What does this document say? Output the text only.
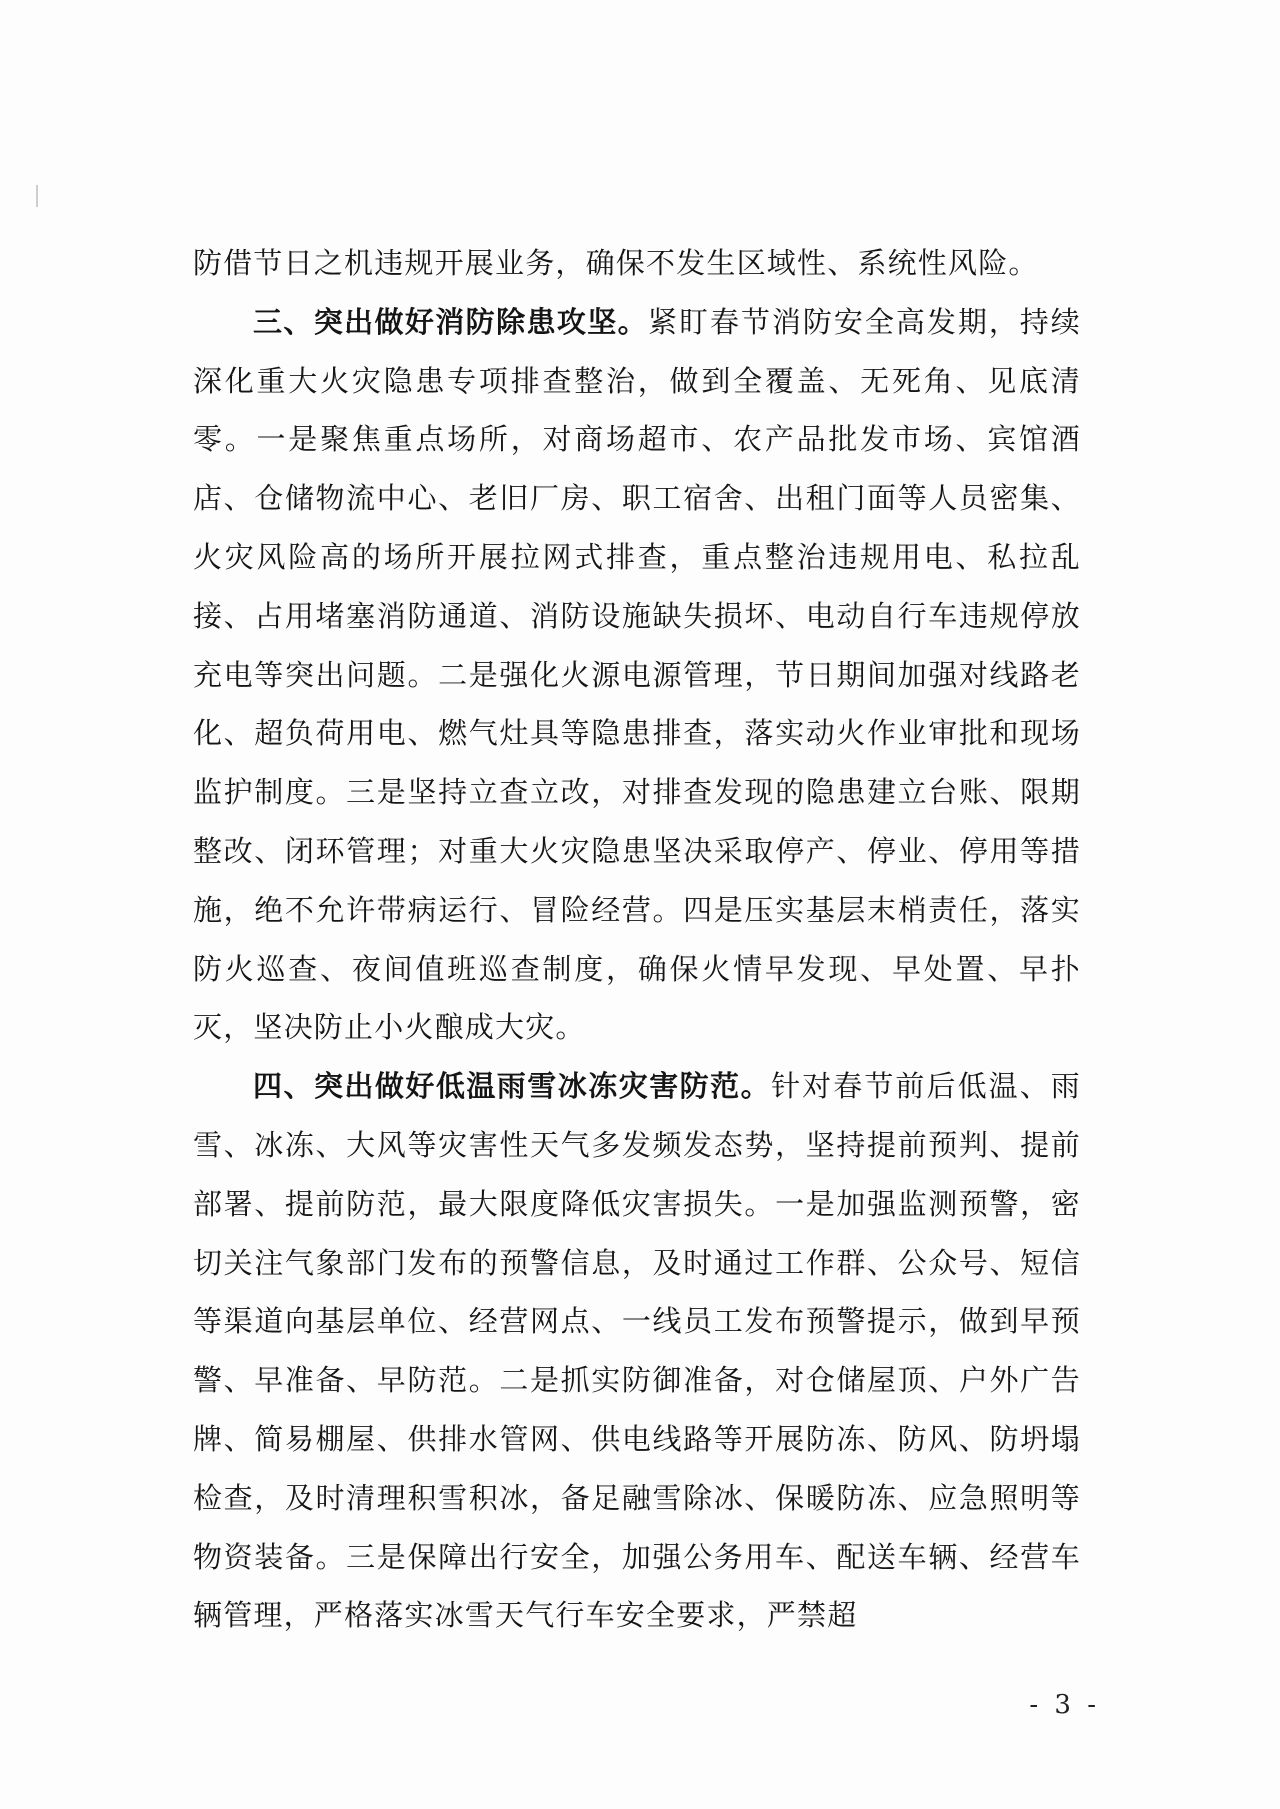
防借节日之机违规开展业务，确保不发生区域性、系统性风险。

三、突出做好消防除患攻坚。紧盯春节消防安全高发期，持续深化重大火灾隐患专项排查整治，做到全覆盖、无死角、见底清零。一是聚焦重点场所，对商场超市、农产品批发市场、宾馆酒店、仓储物流中心、老旧厂房、职工宿舍、出租门面等人员密集、火灾风险高的场所开展拉网式排查，重点整治违规用电、私拉乱接、占用堵塞消防通道、消防设施缺失损坏、电动自行车违规停放充电等突出问题。二是强化火源电源管理，节日期间加强对线路老化、超负荷用电、燃气灶具等隐患排查，落实动火作业审批和现场监护制度。三是坚持立查立改，对排查发现的隐患建立台账、限期整改、闭环管理；对重大火灾隐患坚决采取停产、停业、停用等措施，绝不允许带病运行、冒险经营。四是压实基层末梢责任，落实防火巡查、夜间值班巡查制度，确保火情早发现、早处置、早扑灭，坚决防止小火酿成大灾。

四、突出做好低温雨雪冰冻灾害防范。针对春节前后低温、雨雪、冰冻、大风等灾害性天气多发频发态势，坚持提前预判、提前部署、提前防范，最大限度降低灾害损失。一是加强监测预警，密切关注气象部门发布的预警信息，及时通过工作群、公众号、短信等渠道向基层单位、经营网点、一线员工发布预警提示，做到早预警、早准备、早防范。二是抓实防御准备，对仓储屋顶、户外广告牌、简易棚屋、供排水管网、供电线路等开展防冻、防风、防坍塌检查，及时清理积雪积冰，备足融雪除冰、保暖防冻、应急照明等物资装备。三是保障出行安全，加强公务用车、配送车辆、经营车辆管理，严格落实冰雪天气行车安全要求，严禁超

- 3 -
